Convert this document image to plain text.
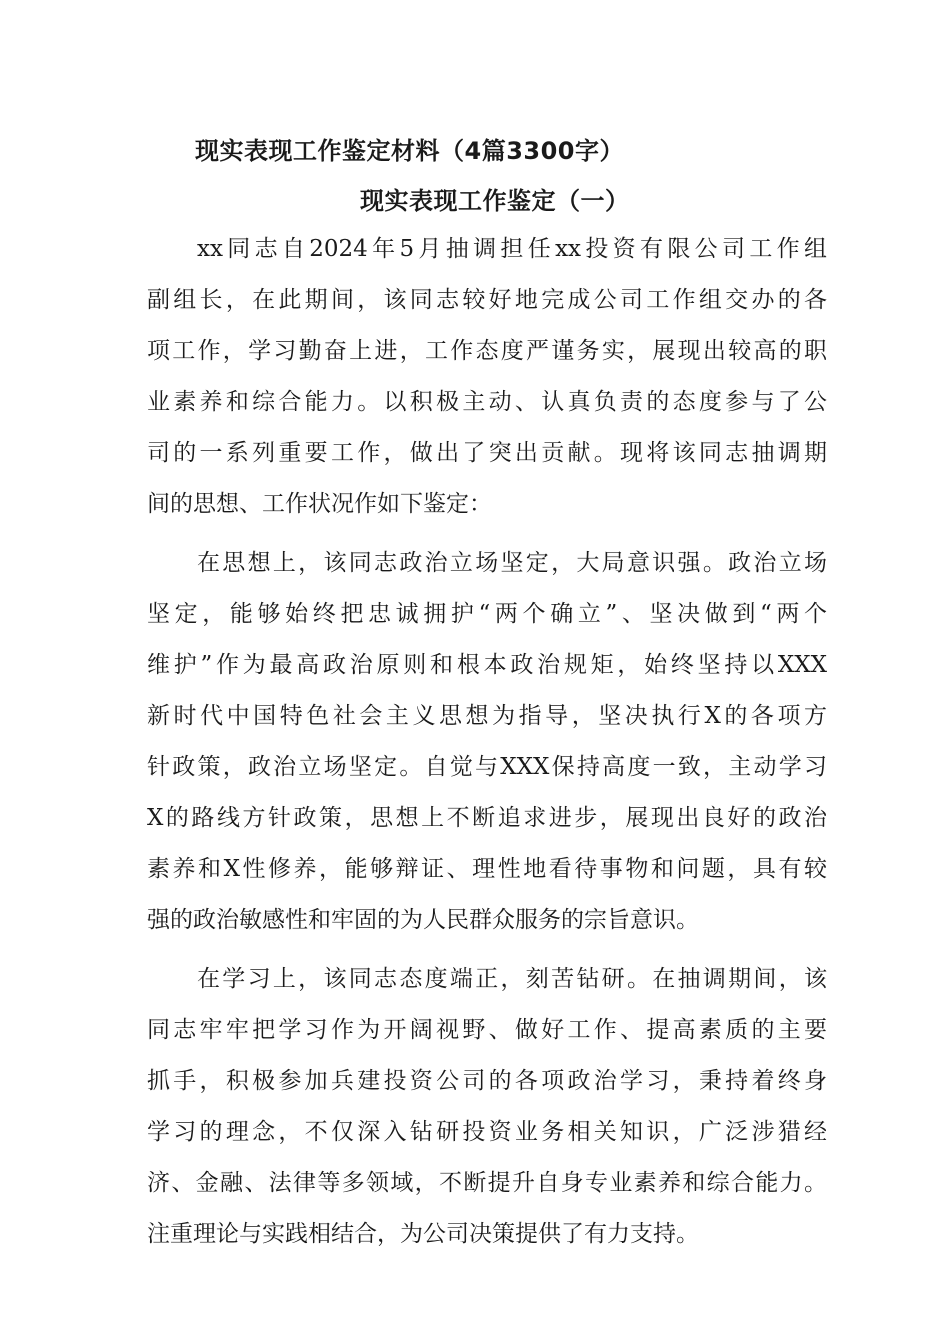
现实表现工作鉴定材料（4篇3300字）
现实表现工作鉴定（一）
xx同志自2024年5月抽调担任xx投资有限公司工作组
副组长，在此期间，该同志较好地完成公司工作组交办的各
项工作，学习勤奋上进，工作态度严谨务实，展现出较高的职
业素养和综合能力。以积极主动、认真负责的态度参与了公
司的一系列重要工作，做出了突出贡献。现将该同志抽调期
间的思想、工作状况作如下鉴定：
在思想上，该同志政治立场坚定，大局意识强。政治立场
坚定，能够始终把忠诚拥护“两个确立”、坚决做到“两个
维护”作为最高政治原则和根本政治规矩，始终坚持以XXX
新时代中国特色社会主义思想为指导，坚决执行X的各项方
针政策，政治立场坚定。自觉与XXX保持高度一致，主动学习
X的路线方针政策，思想上不断追求进步，展现出良好的政治
素养和X性修养，能够辩证、理性地看待事物和问题，具有较
强的政治敏感性和牢固的为人民群众服务的宗旨意识。
在学习上，该同志态度端正，刻苦钻研。在抽调期间，该
同志牢牢把学习作为开阔视野、做好工作、提高素质的主要
抓手，积极参加兵建投资公司的各项政治学习，秉持着终身
学习的理念，不仅深入钻研投资业务相关知识，广泛涉猎经
济、金融、法律等多领域，不断提升自身专业素养和综合能力。
注重理论与实践相结合，为公司决策提供了有力支持。
